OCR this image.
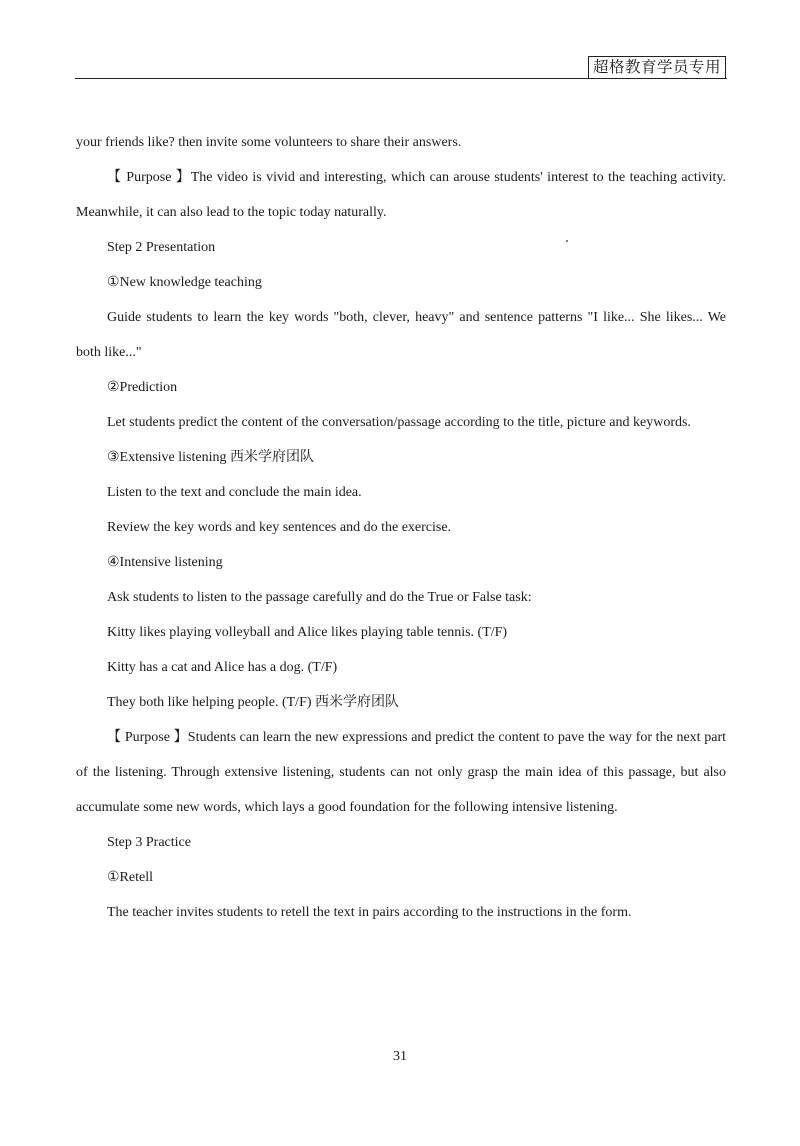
超格教育学员专用

your friends like? then invite some volunteers to share their answers.

【 Purpose 】The video is vivid and interesting, which can arouse students' interest to the teaching activity. Meanwhile, it can also lead to the topic today naturally.

Step 2 Presentation

①New knowledge teaching

Guide students to learn the key words "both, clever, heavy" and sentence patterns "I like... She likes... We both like..."

②Prediction

Let students predict the content of the conversation/passage according to the title, picture and keywords.

③Extensive listening 西米学府团队

Listen to the text and conclude the main idea.

Review the key words and key sentences and do the exercise.

④Intensive listening

Ask students to listen to the passage carefully and do the True or False task:

Kitty likes playing volleyball and Alice likes playing table tennis. (T/F)

Kitty has a cat and Alice has a dog. (T/F)

They both like helping people. (T/F) 西米学府团队

【 Purpose 】Students can learn the new expressions and predict the content to pave the way for the next part of the listening. Through extensive listening, students can not only grasp the main idea of this passage, but also accumulate some new words, which lays a good foundation for the following intensive listening.

Step 3 Practice

①Retell

The teacher invites students to retell the text in pairs according to the instructions in the form.

31
